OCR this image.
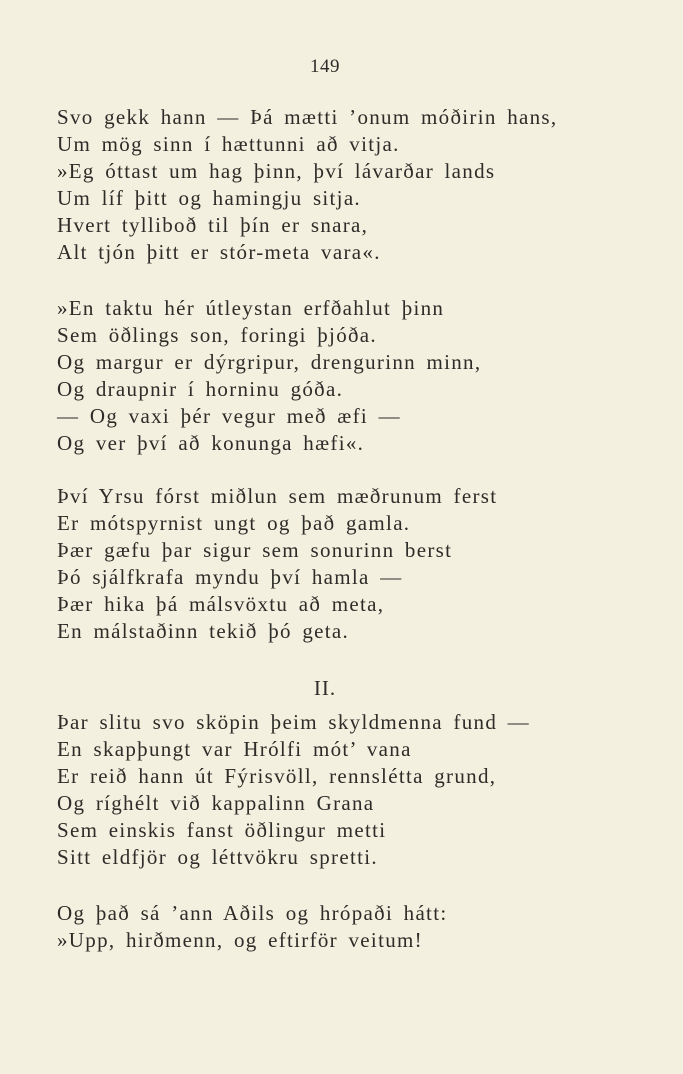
149
Svo gekk hann — Þá mætti ’onum móðirin hans,
Um mög sinn í hættunni að vitja.
»Eg óttast um hag þinn, því lávarðar lands
Um líf þitt og hamingju sitja.
Hvert tylliboð til þín er snara,
Alt tjón þitt er stór-meta vara«.
»En taktu hér útleystan erfðahlut þinn
Sem öðlings son, foringi þjóða.
Og margur er dýrgripur, drengurinn minn,
Og draupnir í horninu góða.
— Og vaxi þér vegur með æfi —
Og ver því að konunga hæfi«.
Því Yrsu fórst miðlun sem mæðrunum ferst
Er mótspyrnist ungt og það gamla.
Þær gæfu þar sigur sem sonurinn berst
Þó sjálfkrafa myndu því hamla —
Þær hika þá málsvöxtu að meta,
En málstaðinn tekið þó geta.
II.
Þar slitu svo sköpin þeim skyldmenna fund —
En skapþungt var Hrólfi mót’ vana
Er reið hann út Fýrisvöll, rennslétta grund,
Og ríghélt við kappalinn Grana
Sem einskis fanst öðlingur metti
Sitt eldfjör og léttvökru spretti.
Og það sá ’ann Aðils og hrópaði hátt:
»Upp, hirðmenn, og eftirför veitum!
